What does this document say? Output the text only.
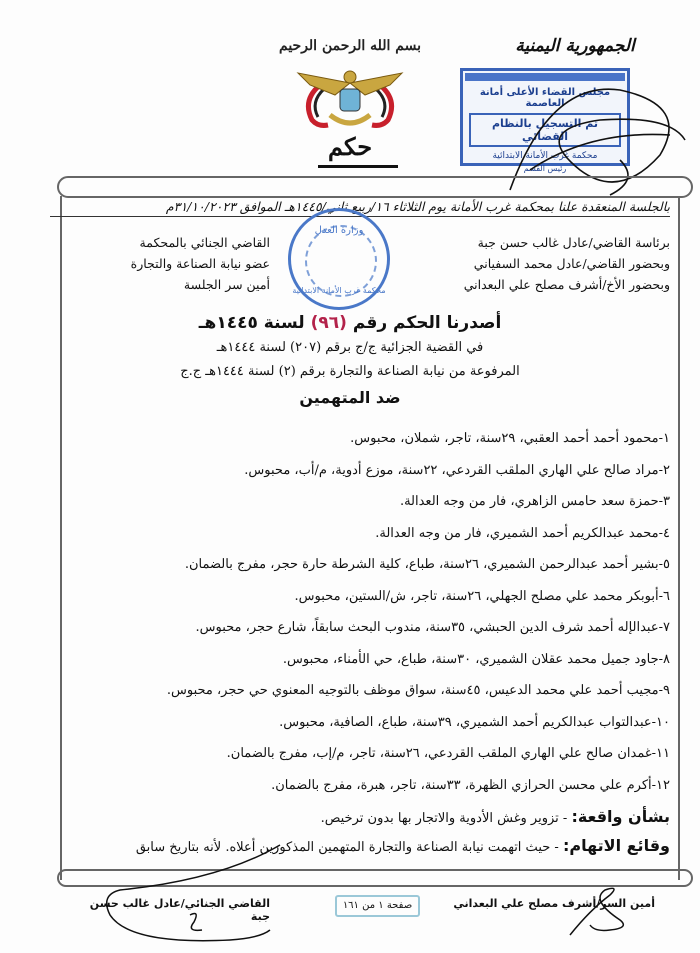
بسم الله الرحمن الرحيم
حكم
الجمهورية اليمنية
مجلس القضاء الأعلى أمانة العاصمة
تم التسجيل بالنظام القضائي
محكمة غرب الأمانة الابتدائية
رئيس القسم
بالجلسة المنعقدة علنا بمحكمة غرب الأمانة يوم الثلاثاء ١٦/ربيع ثاني/١٤٤٥هـ الموافق ٣١/١٠/٢٠٢٣م
وزارة العدل
محكمة غرب الأمانة الابتدائية
برئاسة القاضي/عادل غالب حسن جبة
وبحضور القاضي/عادل محمد السفياني
وبحضور الأخ/أشرف مصلح علي البعداني
القاضي الجنائي بالمحكمة
عضو نيابة الصناعة والتجارة
أمين سر الجلسة
أصدرنا الحكم رقم (٩٦) لسنة ١٤٤٥هـ
في القضية الجزائية ج/ج برقم (٢٠٧) لسنة ١٤٤٤هـ
المرفوعة من نيابة الصناعة والتجارة برقم (٢) لسنة ١٤٤٤هـ ج.ج
ضد المتهمين
١-محمود أحمد أحمد العقبي، ٢٩سنة، تاجر، شملان، محبوس.
٢-مراد صالح علي الهاري الملقب القردعي، ٢٢سنة، موزع أدوية، م/أب، محبوس.
٣-حمزة سعد حامس الزاهري، فار من وجه العدالة.
٤-محمد عبدالكريم أحمد الشميري، فار من وجه العدالة.
٥-بشير أحمد عبدالرحمن الشميري، ٢٦سنة، طباع، كلية الشرطة حارة حجر، مفرج بالضمان.
٦-أبوبكر محمد علي مصلح الجهلي، ٢٦سنة، تاجر، ش/الستين، محبوس.
٧-عبدالإله أحمد شرف الدين الحبشي، ٣٥سنة، مندوب البحث سابقاً، شارع حجر، محبوس.
٨-جاود جميل محمد عقلان الشميري، ٣٠سنة، طباع، حي الأمناء، محبوس.
٩-مجيب أحمد علي محمد الدعيس، ٤٥سنة، سواق موظف بالتوجيه المعنوي حي حجر، محبوس.
١٠-عبدالتواب عبدالكريم أحمد الشميري، ٣٩سنة، طباع، الصافية، محبوس.
١١-غمدان صالح علي الهاري الملقب القردعي، ٢٦سنة، تاجر، م/إب، مفرج بالضمان.
١٢-أكرم علي محسن الحرازي الظهرة، ٣٣سنة، تاجر، هبرة، مفرج بالضمان.
بشأن واقعة: - تزوير وغش الأدوية والاتجار بها بدون ترخيص.
وقائع الاتهام: - حيث اتهمت نيابة الصناعة والتجارة المتهمين المذكورين أعلاه. لأنه بتاريخ سابق
أمين السر/أشرف مصلح علي البعداني
صفحة ١ من ١٦١
القاضي الجنائي/عادل غالب حسن جبة
